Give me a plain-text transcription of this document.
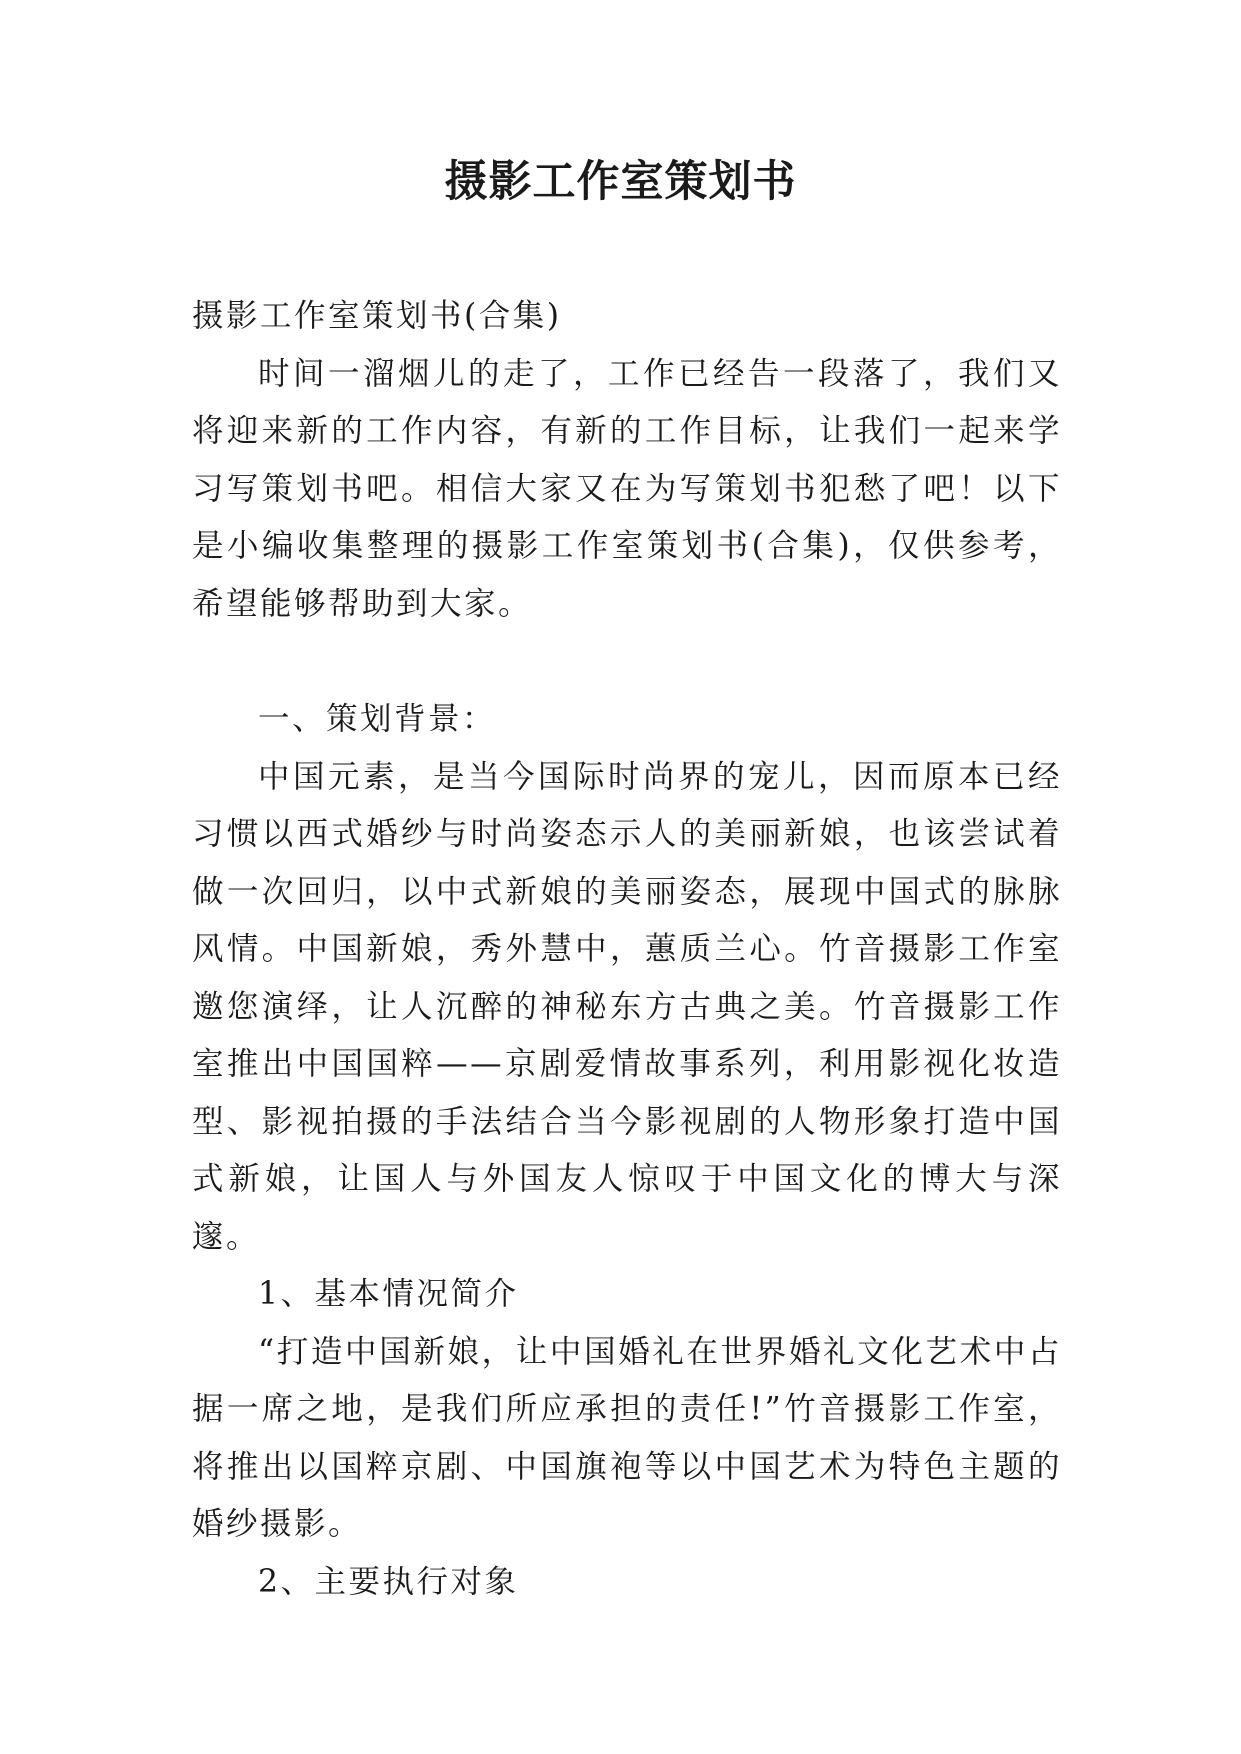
摄影工作室策划书

摄影工作室策划书(合集)

时间一溜烟儿的走了，工作已经告一段落了，我们又将迎来新的工作内容，有新的工作目标，让我们一起来学习写策划书吧。相信大家又在为写策划书犯愁了吧！以下是小编收集整理的摄影工作室策划书(合集)，仅供参考，希望能够帮助到大家。

一、策划背景：

中国元素，是当今国际时尚界的宠儿，因而原本已经习惯以西式婚纱与时尚姿态示人的美丽新娘，也该尝试着做一次回归，以中式新娘的美丽姿态，展现中国式的脉脉风情。中国新娘，秀外慧中，蕙质兰心。竹音摄影工作室邀您演绎，让人沉醉的神秘东方古典之美。竹音摄影工作室推出中国国粹——京剧爱情故事系列，利用影视化妆造型、影视拍摄的手法结合当今影视剧的人物形象打造中国式新娘，让国人与外国友人惊叹于中国文化的博大与深邃。

1、基本情况简介

“打造中国新娘，让中国婚礼在世界婚礼文化艺术中占据一席之地，是我们所应承担的责任!”竹音摄影工作室，将推出以国粹京剧、中国旗袍等以中国艺术为特色主题的婚纱摄影。

2、主要执行对象
